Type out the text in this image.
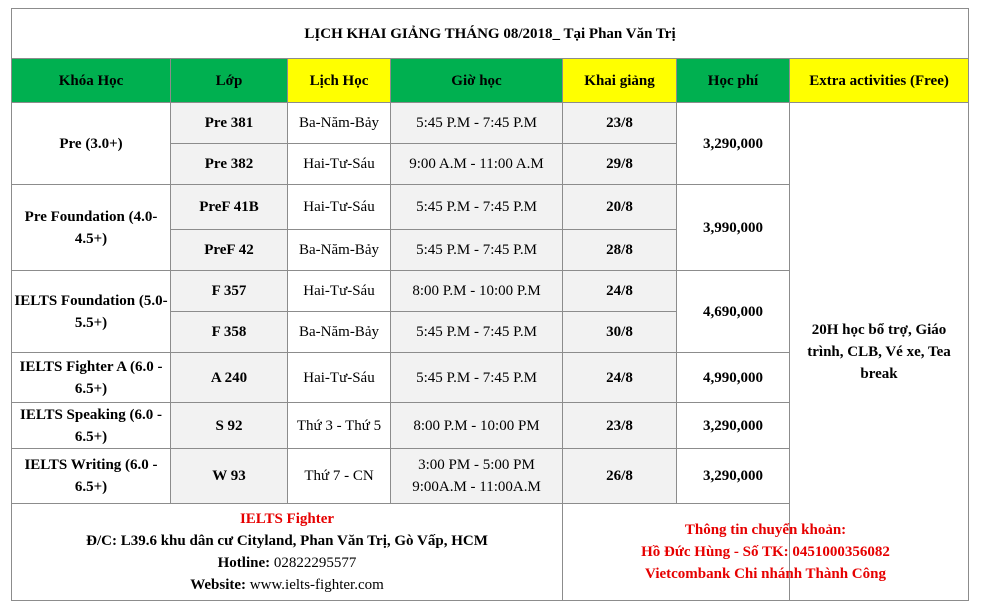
LỊCH KHAI GIẢNG THÁNG 08/2018_ Tại Phan Văn Trị						
Khóa Học	Lớp	Lịch Học	Giờ học	Khai giảng	Học phí	Extra activities (Free)
Pre (3.0+)	Pre 381	Ba-Năm-Bảy	5:45 P.M - 7:45 P.M	23/8	3,290,000	20H học bổ trợ, Giáo trình, CLB, Vé xe, Tea break
	Pre 382	Hai-Tư-Sáu	9:00 A.M - 11:00 A.M	29/8		
Pre Foundation (4.0-4.5+)	PreF 41B	Hai-Tư-Sáu	5:45 P.M - 7:45 P.M	20/8	3,990,000	
	PreF 42	Ba-Năm-Bảy	5:45 P.M - 7:45 P.M	28/8		
IELTS Foundation (5.0-5.5+)	F 357	Hai-Tư-Sáu	8:00 P.M - 10:00 P.M	24/8	4,690,000	
	F 358	Ba-Năm-Bảy	5:45 P.M - 7:45 P.M	30/8		
IELTS Fighter A (6.0 - 6.5+)	A 240	Hai-Tư-Sáu	5:45 P.M - 7:45 P.M	24/8	4,990,000	
IELTS Speaking (6.0 - 6.5+)	S 92	Thứ 3 - Thứ 5	8:00 P.M - 10:00 PM	23/8	3,290,000	
IELTS Writing (6.0 - 6.5+)	W 93	Thứ 7 - CN	3:00 PM - 5:00 PM 9:00A.M - 11:00A.M	26/8	3,290,000	

IELTS Fighter
Đ/C: L39.6 khu dân cư Cityland, Phan Văn Trị, Gò Vấp, HCM
Hotline: 02822295577
Website: www.ielts-fighter.com				Thông tin chuyển khoản:
Hồ Đức Hùng - Số TK: 0451000356082
Vietcombank Chi nhánh Thành Công		
